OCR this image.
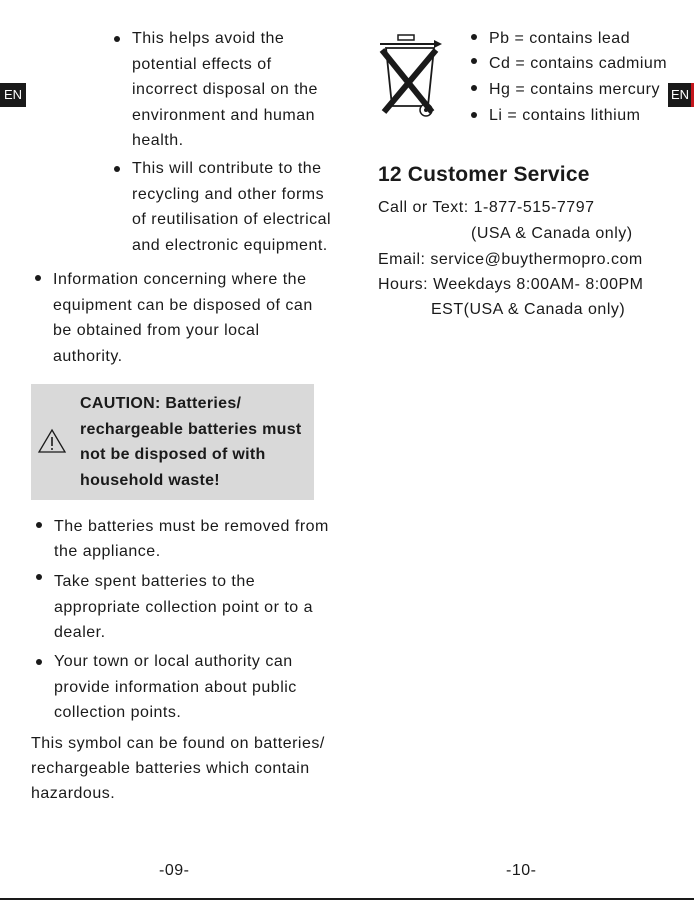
EN	EN
This helps avoid the
potential effects of
incorrect disposal on the
environment and human
health.
This will contribute to the
recycling and other forms
of reutilisation of electrical
and electronic equipment.
Information concerning where the
equipment can be disposed of can
be obtained from your local
authority.
CAUTION: Batteries/
rechargeable batteries must
not be disposed of with
household waste!
The batteries must be removed from
the appliance.
Take spent batteries to the
appropriate collection point or to a
dealer.
Your town or local authority can
provide information about public
collection points.
This symbol can be found on batteries/
rechargeable batteries which contain
hazardous.
-09-
Pb = contains lead
Cd = contains cadmium
Hg = contains mercury
Li = contains lithium
12 Customer Service
Call or Text: 1-877-515-7797
(USA & Canada only)
Email: service@buythermopro.com
Hours: Weekdays 8:00AM- 8:00PM
EST(USA & Canada only)
-10-
